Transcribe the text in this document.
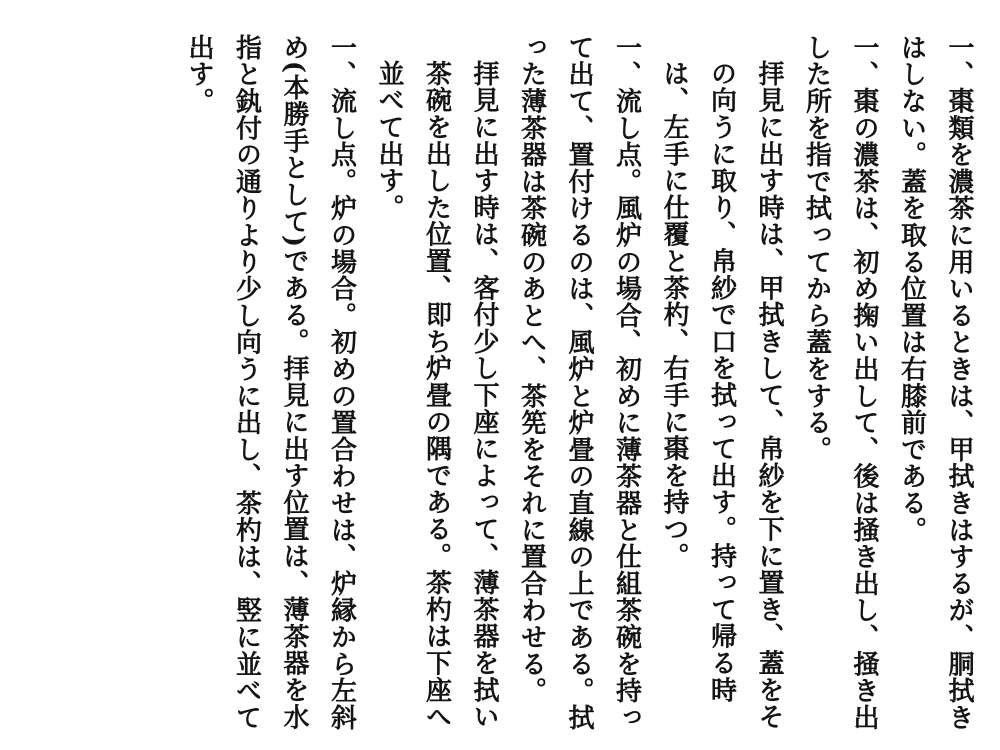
一、棗類を濃茶に用いるときは、甲拭きはするが、胴拭きはしない。蓋を取る位置は右膝前である。

一、棗の濃茶は、初め掬い出して、後は掻き出し、掻き出した所を指で拭ってから蓋をする。

拝見に出す時は、甲拭きして、帛紗を下に置き、蓋をその向うに取り、帛紗で口を拭って出す。持って帰る時は、左手に仕覆と茶杓、右手に棗を持つ。

一、流し点。風炉の場合、初めに薄茶器と仕組茶碗を持って出て、置付けるのは、風炉と炉畳の直線の上である。拭った薄茶器は茶碗のあとへ、茶筅をそれに置合わせる。

拝見に出す時は、客付少し下座によって、薄茶器を拭い茶碗を出した位置、即ち炉畳の隅である。茶杓は下座へ並べて出す。

一、流し点。炉の場合。初めの置合わせは、炉縁から左斜め(本勝手として)である。拝見に出す位置は、薄茶器を水指と釻付の通りより少し向うに出し、茶杓は、竪に並べて出す。
